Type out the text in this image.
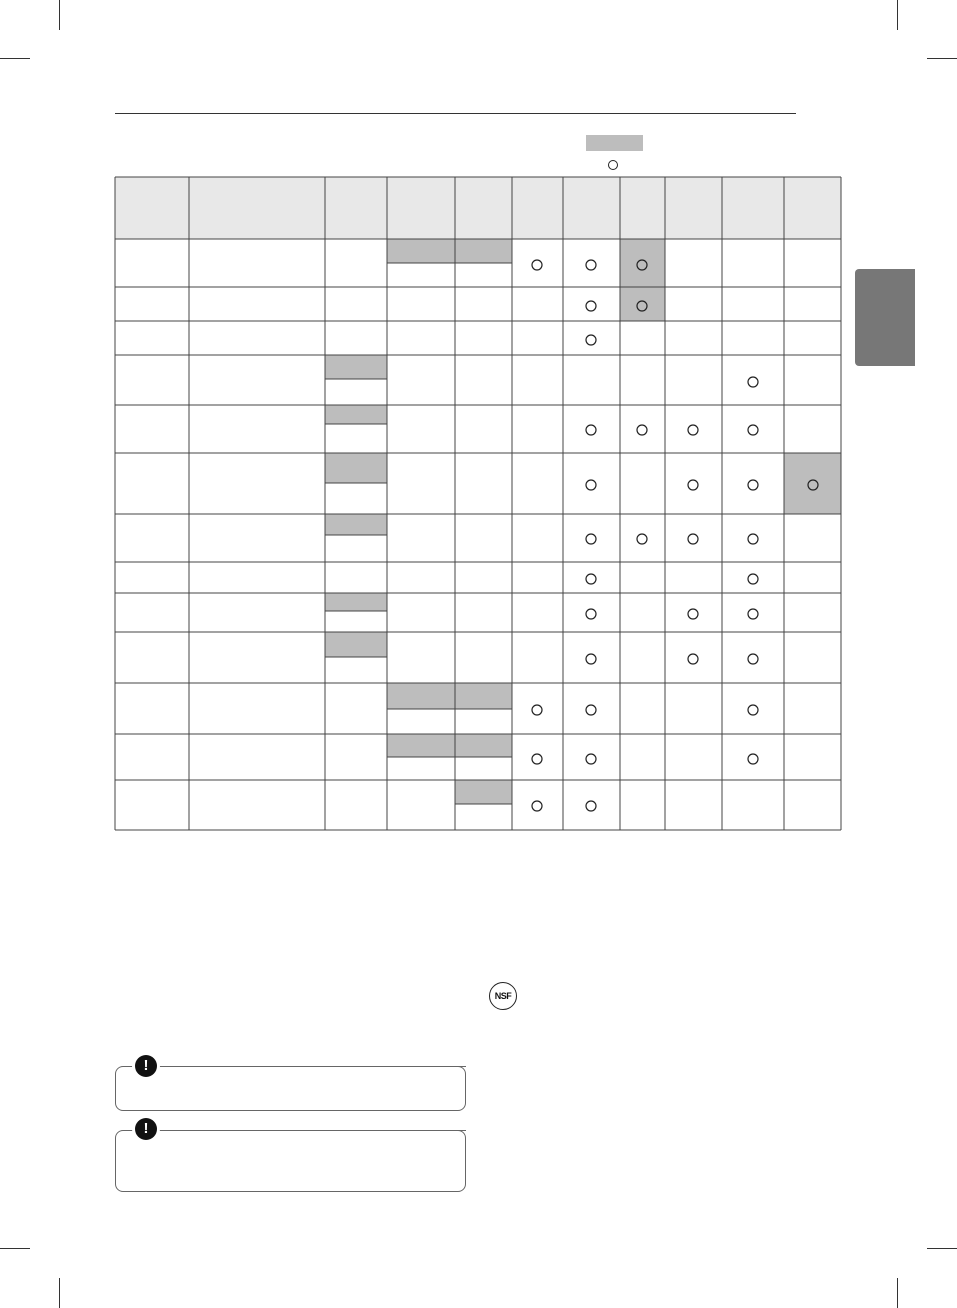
NSF
!
!
